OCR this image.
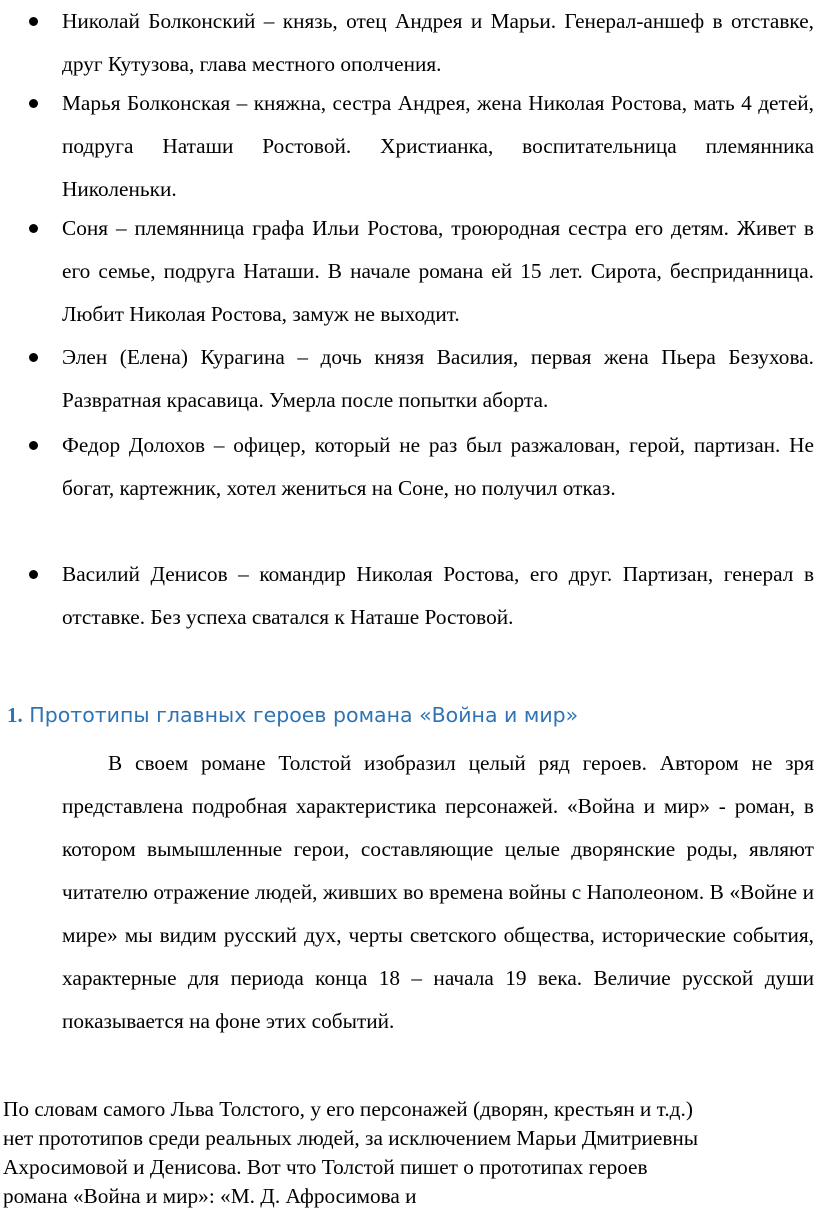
Николай Болконский – князь, отец Андрея и Марьи. Генерал-аншеф в отставке, друг Кутузова, глава местного ополчения.

Марья Болконская – княжна, сестра Андрея, жена Николая Ростова, мать 4 детей, подруга Наташи Ростовой. Христианка, воспитательница племянника Николеньки.

Соня – племянница графа Ильи Ростова, троюродная сестра его детям. Живет в его семье, подруга Наташи. В начале романа ей 15 лет. Сирота, бесприданница. Любит Николая Ростова, замуж не выходит.

Элен (Елена) Курагина – дочь князя Василия, первая жена Пьера Безухова. Развратная красавица. Умерла после попытки аборта.

Федор Долохов – офицер, который не раз был разжалован, герой, партизан. Не богат, картежник, хотел жениться на Соне, но получил отказ.

Василий Денисов – командир Николая Ростова, его друг. Партизан, генерал в отставке. Без успеха сватался к Наташе Ростовой.

1. Прототипы главных героев романа «Война и мир»

В своем романе Толстой изобразил целый ряд героев. Автором не зря представлена подробная характеристика персонажей. «Война и мир» - роман, в котором вымышленные герои, составляющие целые дворянские роды, являют читателю отражение людей, живших во времена войны с Наполеоном. В «Войне и мире» мы видим русский дух, черты светского общества, исторические события, характерные для периода конца 18 – начала 19 века. Величие русской души показывается на фоне этих событий.

По словам самого Льва Толстого, у его персонажей (дворян, крестьян и т.д.)
нет прототипов среди реальных людей, за исключением Марьи Дмитриевны
Ахросимовой и Денисова. Вот что Толстой пишет о прототипах героев
романа «Война и мир»: «М. Д. Афросимова и
